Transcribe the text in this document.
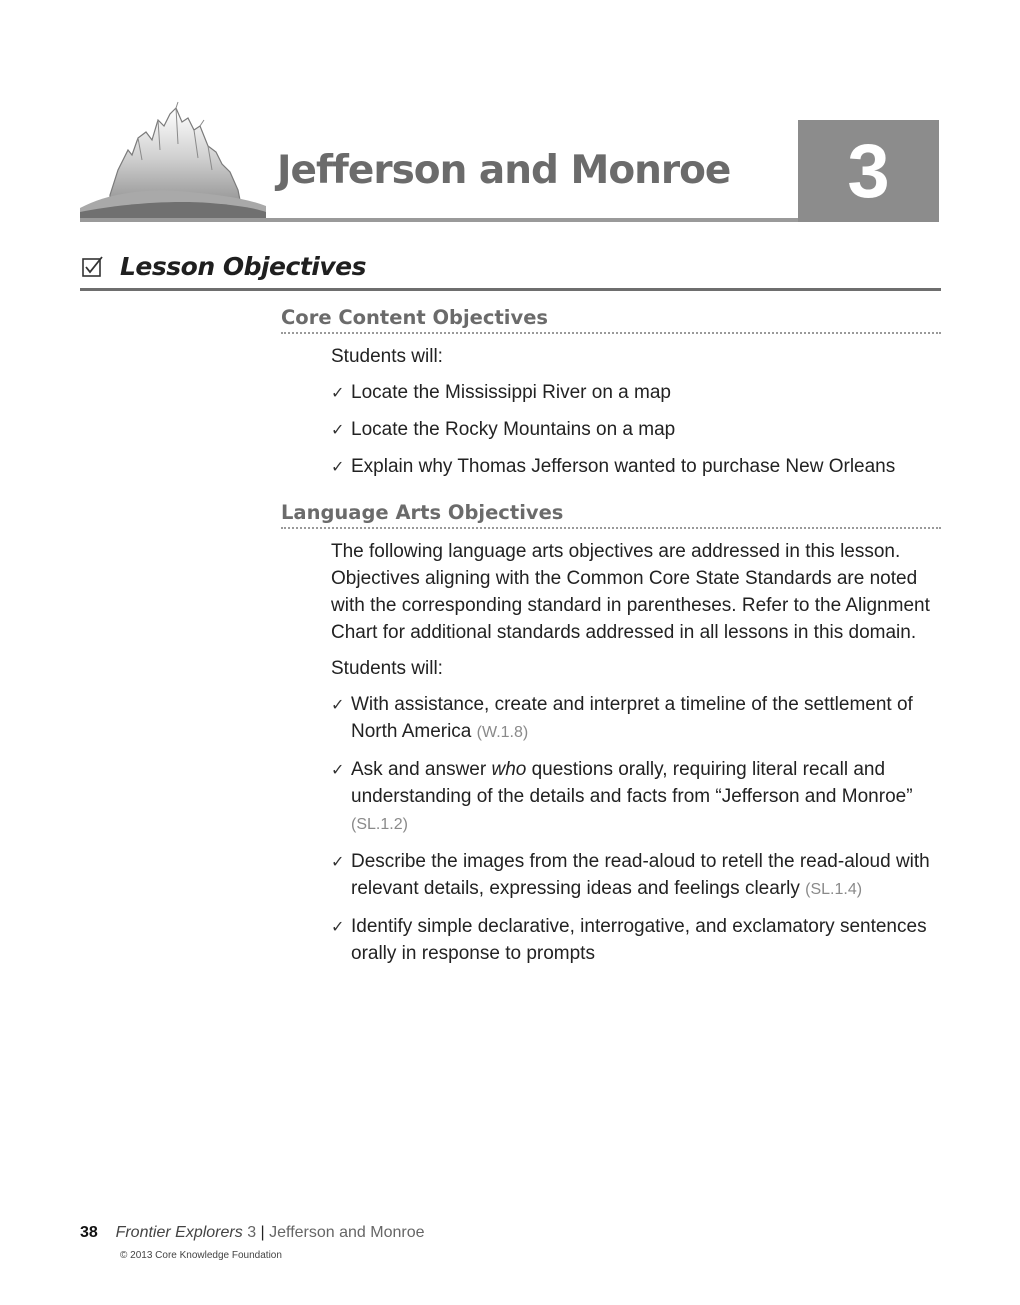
Jefferson and Monroe	3
Lesson Objectives
Core Content Objectives

Students will:

✓ Locate the Mississippi River on a map
✓ Locate the Rocky Mountains on a map
✓ Explain why Thomas Jefferson wanted to purchase New Orleans
Language Arts Objectives

The following language arts objectives are addressed in this lesson. Objectives aligning with the Common Core State Standards are noted with the corresponding standard in parentheses. Refer to the Alignment Chart for additional standards addressed in all lessons in this domain.

Students will:

✓ With assistance, create and interpret a timeline of the settlement of North America (W.1.8)
✓ Ask and answer who questions orally, requiring literal recall and understanding of the details and facts from “Jefferson and Monroe” (SL.1.2)
✓ Describe the images from the read-aloud to retell the read-aloud with relevant details, expressing ideas and feelings clearly (SL.1.4)
✓ Identify simple declarative, interrogative, and exclamatory sentences orally in response to prompts
38 Frontier Explorers 3 | Jefferson and Monroe
© 2013 Core Knowledge Foundation
